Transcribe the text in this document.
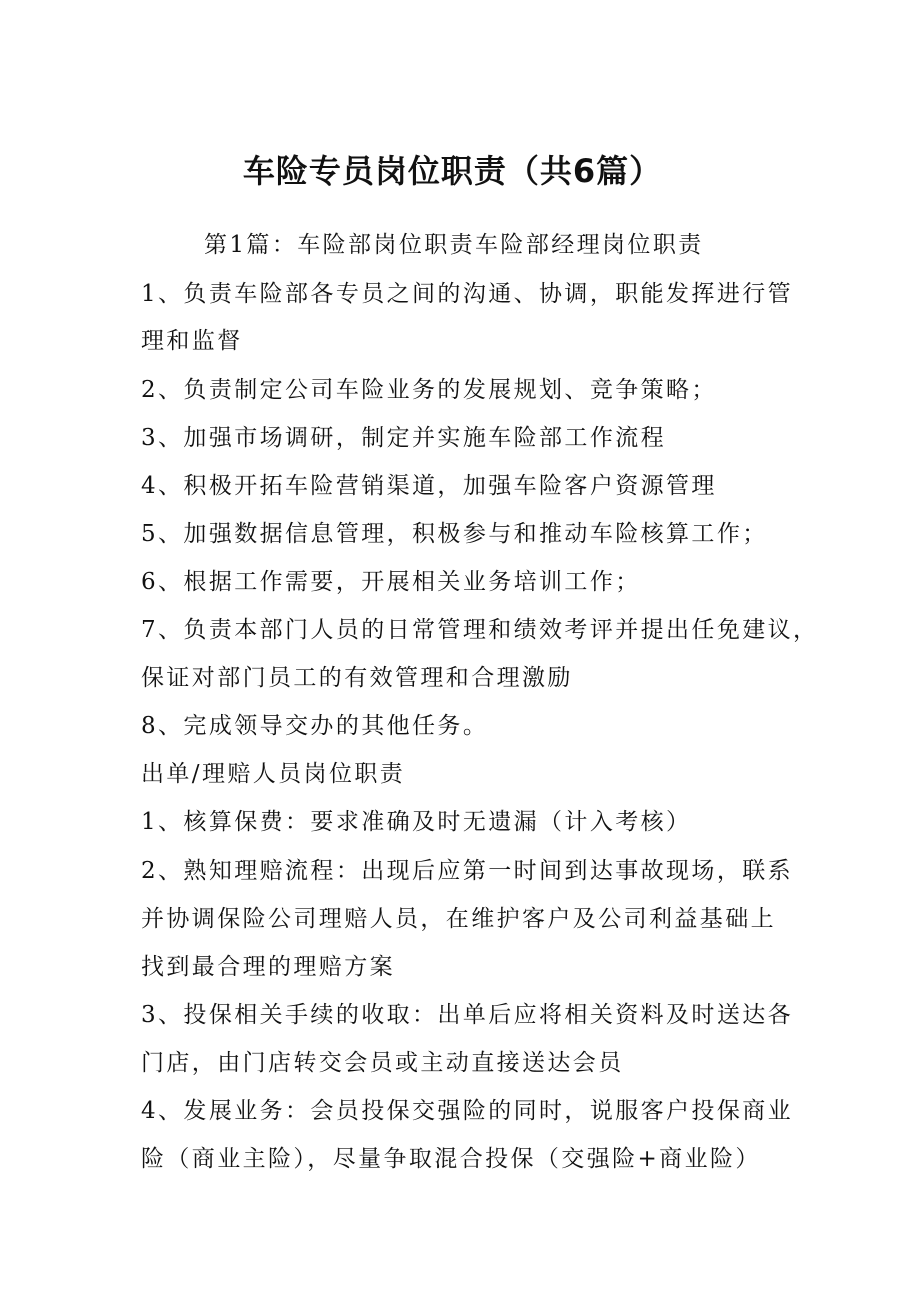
车险专员岗位职责（共6篇）
第1篇：车险部岗位职责车险部经理岗位职责
1、负责车险部各专员之间的沟通、协调，职能发挥进行管
理和监督
2、负责制定公司车险业务的发展规划、竞争策略；
3、加强市场调研，制定并实施车险部工作流程
4、积极开拓车险营销渠道，加强车险客户资源管理
5、加强数据信息管理，积极参与和推动车险核算工作；
6、根据工作需要，开展相关业务培训工作；
7、负责本部门人员的日常管理和绩效考评并提出任免建议，
保证对部门员工的有效管理和合理激励
8、完成领导交办的其他任务。
出单/理赔人员岗位职责
1、核算保费：要求准确及时无遗漏（计入考核）
2、熟知理赔流程：出现后应第一时间到达事故现场，联系
并协调保险公司理赔人员，在维护客户及公司利益基础上
找到最合理的理赔方案
3、投保相关手续的收取：出单后应将相关资料及时送达各
门店，由门店转交会员或主动直接送达会员
4、发展业务：会员投保交强险的同时，说服客户投保商业
险（商业主险），尽量争取混合投保（交强险+商业险）
